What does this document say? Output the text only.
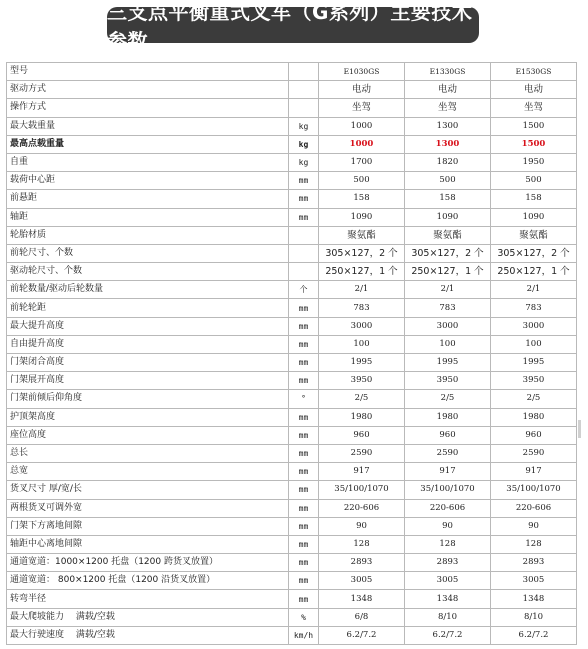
三支点平衡重式叉车（G系列）主要技术参数
型号		E1030GS	E1330GS	E1530GS
驱动方式		电动	电动	电动
操作方式		坐驾	坐驾	坐驾
最大载重量	kg	1000	1300	1500
最高点载重量	kg	1000	1300	1500
自重	kg	1700	1820	1950
载荷中心距	mm	500	500	500
前悬距	mm	158	158	158
轴距	mm	1090	1090	1090
轮胎材质		聚氨酯	聚氨酯	聚氨酯
前轮尺寸、个数		305×127，2 个	305×127，2 个	305×127，2 个
驱动轮尺寸、个数		250×127，1 个	250×127，1 个	250×127，1 个
前轮数量/驱动后轮数量	个	2/1	2/1	2/1
前轮轮距	mm	783	783	783
最大提升高度	mm	3000	3000	3000
自由提升高度	mm	100	100	100
门架闭合高度	mm	1995	1995	1995
门架展开高度	mm	3950	3950	3950
门架前倾后仰角度	°	2/5	2/5	2/5
护顶架高度	mm	1980	1980	1980
座位高度	mm	960	960	960
总长	mm	2590	2590	2590
总宽	mm	917	917	917
货叉尺寸 厚/宽/长	mm	35/100/1070	35/100/1070	35/100/1070
两根货叉可调外宽	mm	220-606	220-606	220-606
门架下方离地间隙	mm	90	90	90
轴距中心离地间隙	mm	128	128	128
通道宽道：1000×1200 托盘（1200 跨货叉放置）	mm	2893	2893	2893
通道宽道： 800×1200 托盘（1200 沿货叉放置）	mm	3005	3005	3005
转弯半径	mm	1348	1348	1348
最大爬坡能力　 满载/空载	%	6/8	8/10	8/10
最大行驶速度　 满载/空载	km/h	6.2/7.2	6.2/7.2	6.2/7.2
